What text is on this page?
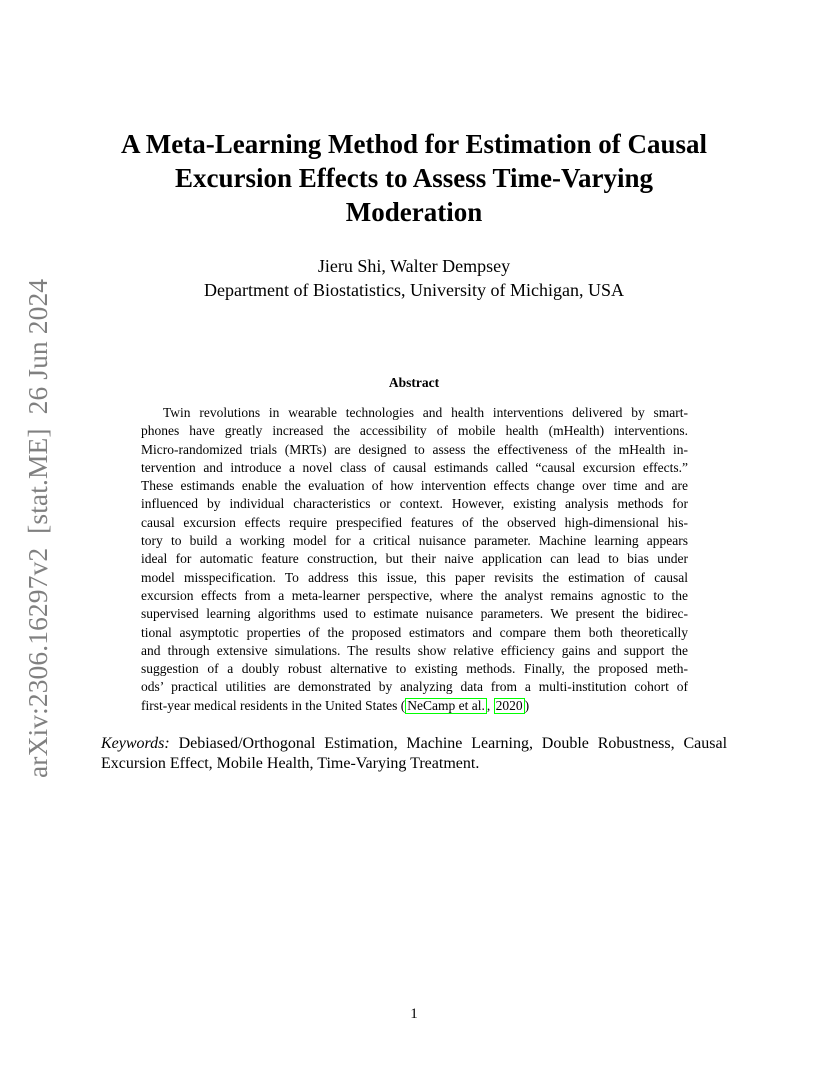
arXiv:2306.16297v2  [stat.ME]  26 Jun 2024
A Meta-Learning Method for Estimation of Causal
Excursion Effects to Assess Time-Varying
Moderation
Jieru Shi, Walter Dempsey
Department of Biostatistics, University of Michigan, USA
Abstract
Twin revolutions in wearable technologies and health interventions delivered by smart-
phones have greatly increased the accessibility of mobile health (mHealth) interventions.
Micro-randomized trials (MRTs) are designed to assess the effectiveness of the mHealth in-
tervention and introduce a novel class of causal estimands called “causal excursion effects.”
These estimands enable the evaluation of how intervention effects change over time and are
influenced by individual characteristics or context. However, existing analysis methods for
causal excursion effects require prespecified features of the observed high-dimensional his-
tory to build a working model for a critical nuisance parameter. Machine learning appears
ideal for automatic feature construction, but their naive application can lead to bias under
model misspecification. To address this issue, this paper revisits the estimation of causal
excursion effects from a meta-learner perspective, where the analyst remains agnostic to the
supervised learning algorithms used to estimate nuisance parameters. We present the bidirec-
tional asymptotic properties of the proposed estimators and compare them both theoretically
and through extensive simulations. The results show relative efficiency gains and support the
suggestion of a doubly robust alternative to existing methods. Finally, the proposed meth-
ods’ practical utilities are demonstrated by analyzing data from a multi-institution cohort of
first-year medical residents in the United States ( NeCamp et al. , 2020 )
Keywords: Debiased/Orthogonal Estimation, Machine Learning, Double Robustness, Causal
Excursion Effect, Mobile Health, Time-Varying Treatment.
1
